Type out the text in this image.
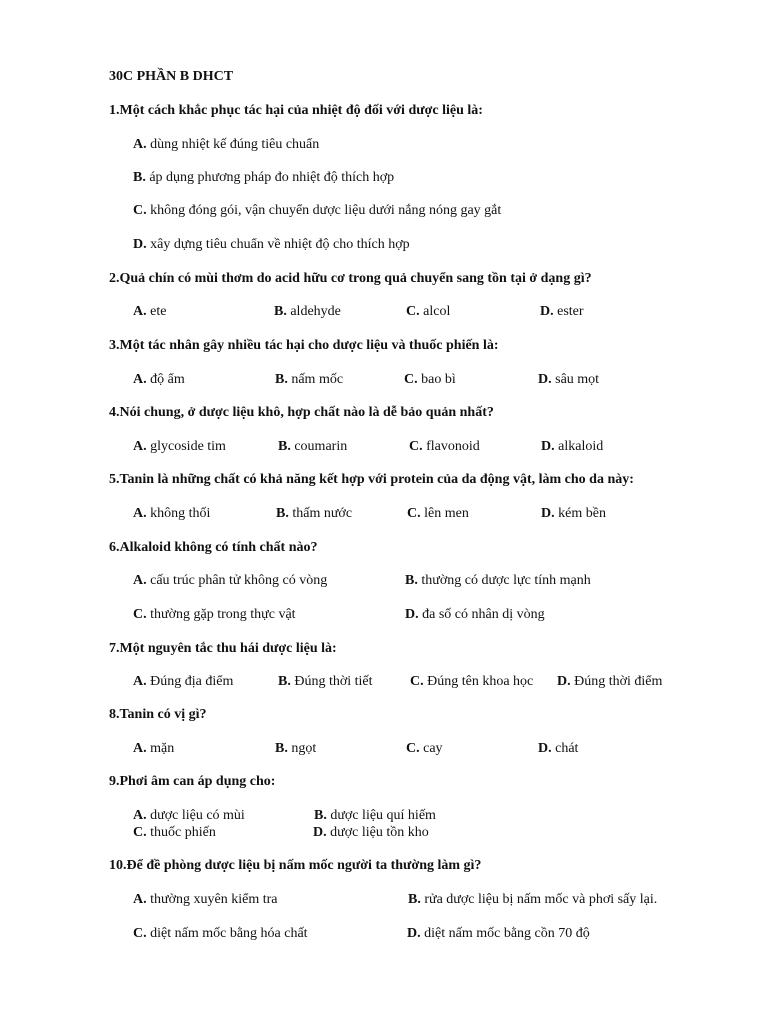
30C PHẦN B DHCT
1.Một cách khắc phục tác hại của nhiệt độ đối với dược liệu là:
A. dùng nhiệt kế đúng tiêu chuẩn
B. áp dụng phương pháp đo nhiệt độ thích hợp
C. không đóng gói, vận chuyển dược liệu dưới nắng nóng gay gắt
D. xây dựng tiêu chuẩn về nhiệt độ cho thích hợp
2.Quả chín có mùi thơm do acid hữu cơ trong quả chuyển sang tồn tại ở dạng gì?
A. ete	B. aldehyde	C. alcol	D. ester
3.Một tác nhân gây nhiều tác hại cho dược liệu và thuốc phiến là:
A. độ ẩm	B. nấm mốc	C. bao bì	D. sâu mọt
4.Nói chung, ở dược liệu khô, hợp chất nào là dễ bảo quản nhất?
A. glycoside tim	B. coumarin	C. flavonoid	D. alkaloid
5.Tanin là những chất có khả năng kết hợp với protein của da động vật, làm cho da này:
A. không thối	B. thấm nước	C. lên men	D. kém bền
6.Alkaloid không có tính chất nào?
A. cấu trúc phân tử không có vòng	B. thường có dược lực tính mạnh
C. thường gặp trong thực vật	D. đa số có nhân dị vòng
7.Một nguyên tắc thu hái dược liệu là:
A. Đúng địa điểm	B. Đúng thời tiết	C. Đúng tên khoa học D. Đúng thời điểm
8.Tanin có vị gì?
A. mặn	B. ngọt	C. cay	D. chát
9.Phơi âm can áp dụng cho:
A. dược liệu có mùi	B. dược liệu quí hiếm
C. thuốc phiến	D. dược liệu tồn kho
10.Để đề phòng dược liệu bị nấm mốc người ta thường làm gì?
A. thường xuyên kiểm tra	B. rửa dược liệu bị nấm mốc và phơi sấy lại.
C. diệt nấm mốc bằng hóa chất	D. diệt nấm mốc bằng cồn 70 độ
